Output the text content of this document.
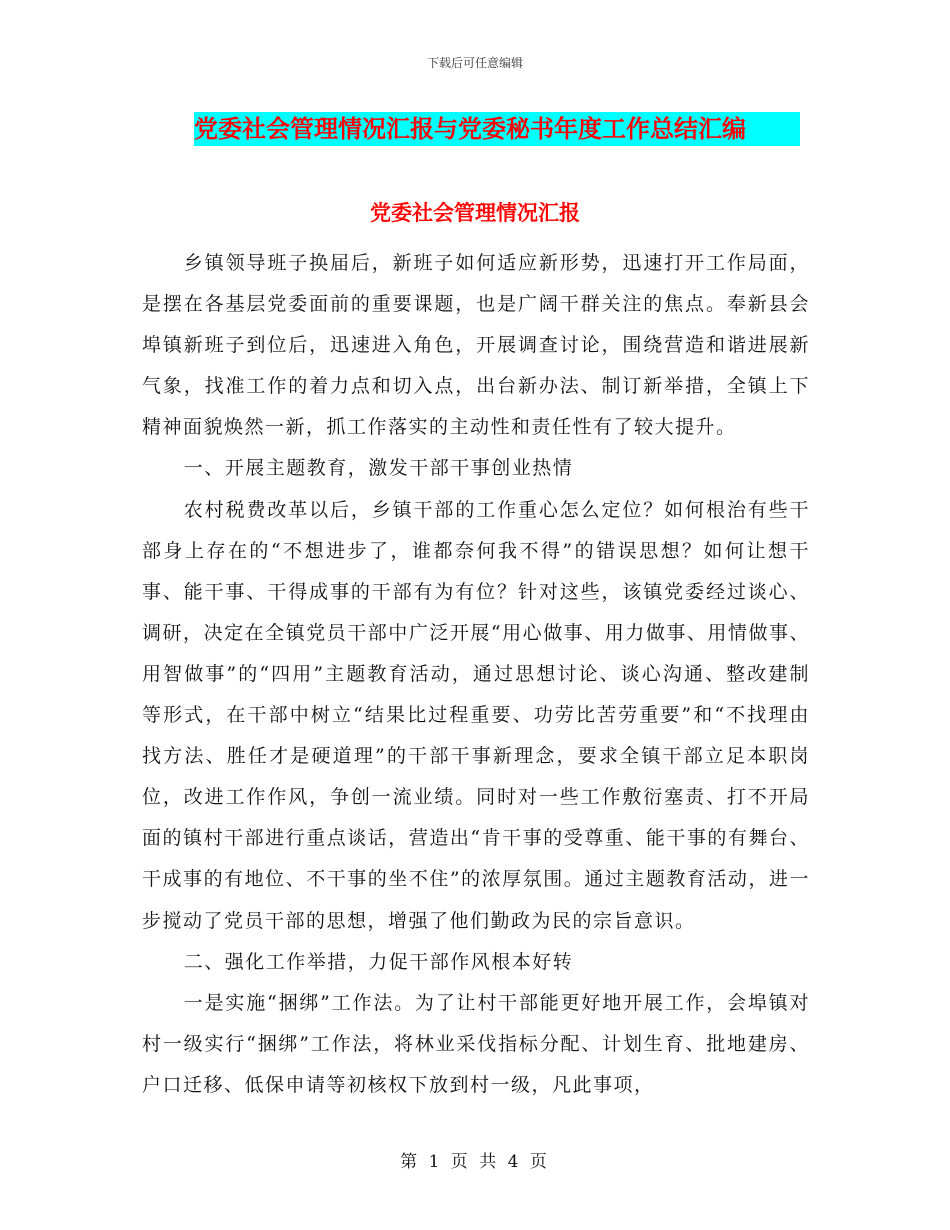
下载后可任意编辑
党委社会管理情况汇报与党委秘书年度工作总结汇编
党委社会管理情况汇报

乡镇领导班子换届后，新班子如何适应新形势，迅速打开工作局面，是摆在各基层党委面前的重要课题，也是广阔干群关注的焦点。奉新县会埠镇新班子到位后，迅速进入角色，开展调查讨论，围绕营造和谐进展新气象，找准工作的着力点和切入点，出台新办法、制订新举措，全镇上下精神面貌焕然一新，抓工作落实的主动性和责任性有了较大提升。

一、开展主题教育，激发干部干事创业热情

农村税费改革以后，乡镇干部的工作重心怎么定位？如何根治有些干部身上存在的“不想进步了，谁都奈何我不得”的错误思想？如何让想干事、能干事、干得成事的干部有为有位？针对这些，该镇党委经过谈心、调研，决定在全镇党员干部中广泛开展“用心做事、用力做事、用情做事、用智做事”的“四用”主题教育活动，通过思想讨论、谈心沟通、整改建制等形式，在干部中树立“结果比过程重要、功劳比苦劳重要”和“不找理由找方法、胜任才是硬道理”的干部干事新理念，要求全镇干部立足本职岗位，改进工作作风，争创一流业绩。同时对一些工作敷衍塞责、打不开局面的镇村干部进行重点谈话，营造出“肯干事的受尊重、能干事的有舞台、干成事的有地位、不干事的坐不住”的浓厚氛围。通过主题教育活动，进一步搅动了党员干部的思想，增强了他们勤政为民的宗旨意识。

二、强化工作举措，力促干部作风根本好转

一是实施“捆绑”工作法。为了让村干部能更好地开展工作，会埠镇对村一级实行“捆绑”工作法，将林业采伐指标分配、计划生育、批地建房、户口迁移、低保申请等初核权下放到村一级，凡此事项，

第 1 页 共 4 页
